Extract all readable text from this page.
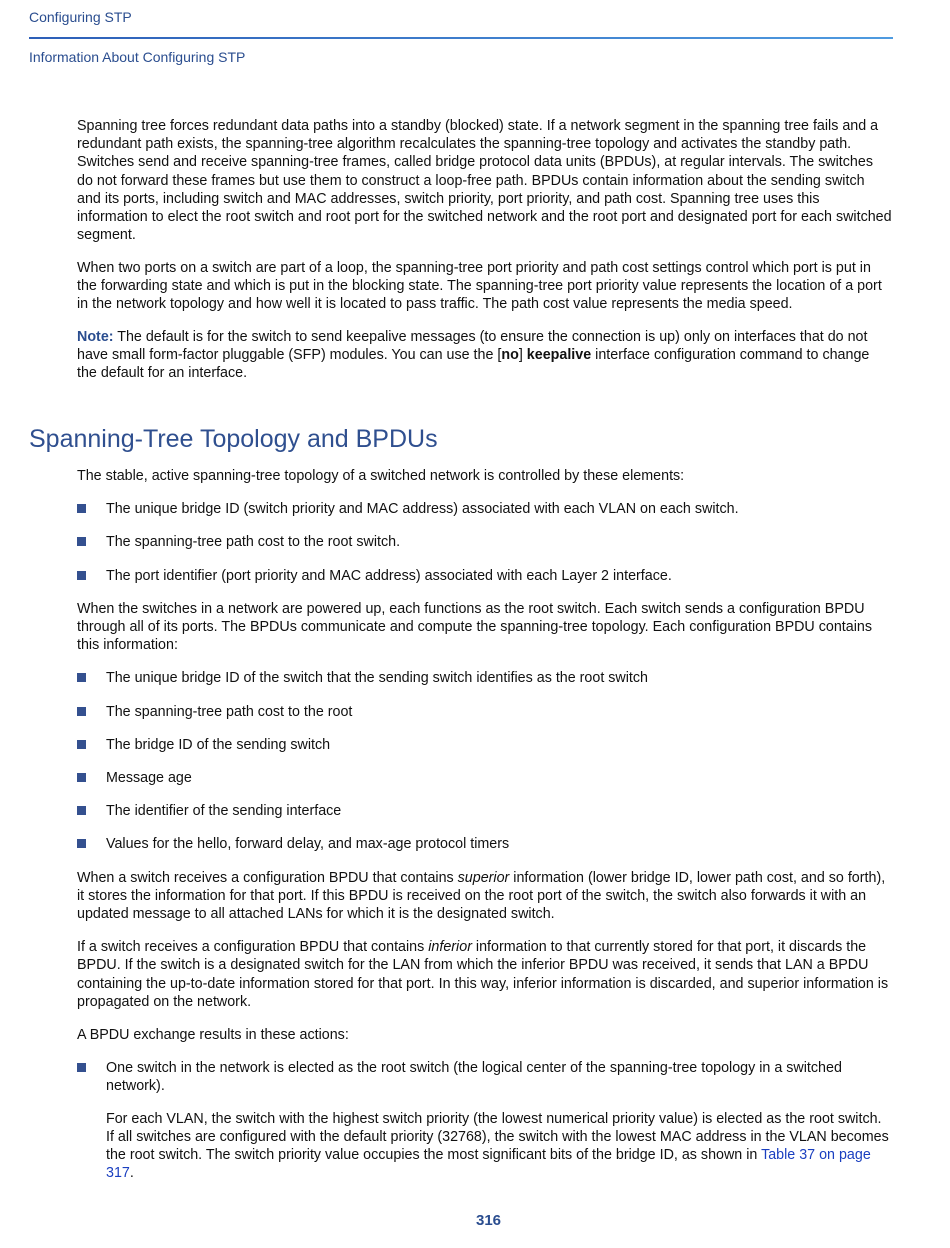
Configuring STP
Information About Configuring STP

Spanning tree forces redundant data paths into a standby (blocked) state. If a network segment in the spanning tree fails and a redundant path exists, the spanning-tree algorithm recalculates the spanning-tree topology and activates the standby path. Switches send and receive spanning-tree frames, called bridge protocol data units (BPDUs), at regular intervals. The switches do not forward these frames but use them to construct a loop-free path. BPDUs contain information about the sending switch and its ports, including switch and MAC addresses, switch priority, port priority, and path cost. Spanning tree uses this information to elect the root switch and root port for the switched network and the root port and designated port for each switched segment.

When two ports on a switch are part of a loop, the spanning-tree port priority and path cost settings control which port is put in the forwarding state and which is put in the blocking state. The spanning-tree port priority value represents the location of a port in the network topology and how well it is located to pass traffic. The path cost value represents the media speed.

Note: The default is for the switch to send keepalive messages (to ensure the connection is up) only on interfaces that do not have small form-factor pluggable (SFP) modules. You can use the [no] keepalive interface configuration command to change the default for an interface.

Spanning-Tree Topology and BPDUs

The stable, active spanning-tree topology of a switched network is controlled by these elements:

The unique bridge ID (switch priority and MAC address) associated with each VLAN on each switch.
The spanning-tree path cost to the root switch.
The port identifier (port priority and MAC address) associated with each Layer 2 interface.

When the switches in a network are powered up, each functions as the root switch. Each switch sends a configuration BPDU through all of its ports. The BPDUs communicate and compute the spanning-tree topology. Each configuration BPDU contains this information:

The unique bridge ID of the switch that the sending switch identifies as the root switch
The spanning-tree path cost to the root
The bridge ID of the sending switch
Message age
The identifier of the sending interface
Values for the hello, forward delay, and max-age protocol timers

When a switch receives a configuration BPDU that contains superior information (lower bridge ID, lower path cost, and so forth), it stores the information for that port. If this BPDU is received on the root port of the switch, the switch also forwards it with an updated message to all attached LANs for which it is the designated switch.

If a switch receives a configuration BPDU that contains inferior information to that currently stored for that port, it discards the BPDU. If the switch is a designated switch for the LAN from which the inferior BPDU was received, it sends that LAN a BPDU containing the up-to-date information stored for that port. In this way, inferior information is discarded, and superior information is propagated on the network.

A BPDU exchange results in these actions:

One switch in the network is elected as the root switch (the logical center of the spanning-tree topology in a switched network).
For each VLAN, the switch with the highest switch priority (the lowest numerical priority value) is elected as the root switch. If all switches are configured with the default priority (32768), the switch with the lowest MAC address in the VLAN becomes the root switch. The switch priority value occupies the most significant bits of the bridge ID, as shown in Table 37 on page 317.
316
